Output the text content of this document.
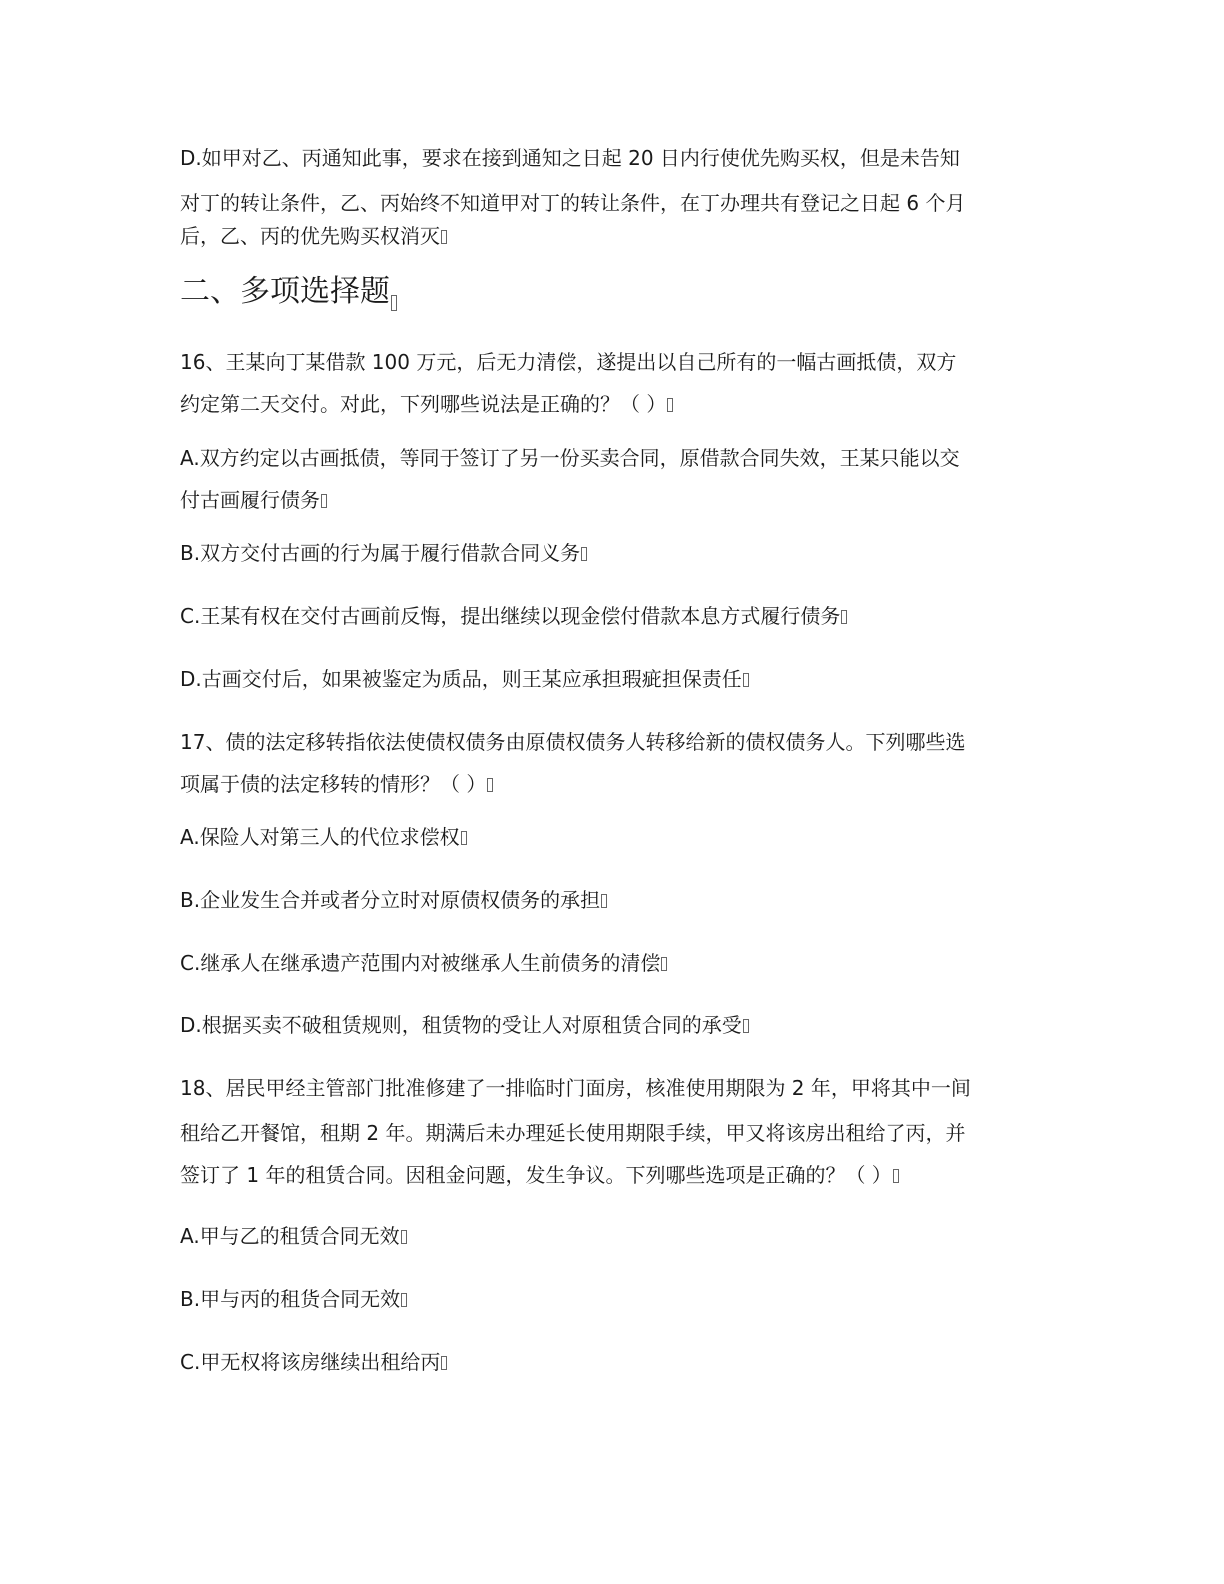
D.如甲对乙、丙通知此事，要求在接到通知之日起 20 日内行使优先购买权，但是未告知
对丁的转让条件，乙、丙始终不知道甲对丁的转让条件，在丁办理共有登记之日起 6 个月
后，乙、丙的优先购买权消灭
二、多项选择题
16、王某向丁某借款 100 万元，后无力清偿，遂提出以自己所有的一幅古画抵债，双方
约定第二天交付。对此，下列哪些说法是正确的？（ ）
A.双方约定以古画抵债，等同于签订了另一份买卖合同，原借款合同失效，王某只能以交
付古画履行债务
B.双方交付古画的行为属于履行借款合同义务
C.王某有权在交付古画前反悔，提出继续以现金偿付借款本息方式履行债务
D.古画交付后，如果被鉴定为质品，则王某应承担瑕疵担保责任
17、债的法定移转指依法使债权债务由原债权债务人转移给新的债权债务人。下列哪些选
项属于债的法定移转的情形？（ ）
A.保险人对第三人的代位求偿权
B.企业发生合并或者分立时对原债权债务的承担
C.继承人在继承遗产范围内对被继承人生前债务的清偿
D.根据买卖不破租赁规则，租赁物的受让人对原租赁合同的承受
18、居民甲经主管部门批准修建了一排临时门面房，核准使用期限为 2 年，甲将其中一间
租给乙开餐馆，租期 2 年。期满后未办理延长使用期限手续，甲又将该房出租给了丙，并
签订了 1 年的租赁合同。因租金问题，发生争议。下列哪些选项是正确的？（ ）
A.甲与乙的租赁合同无效
B.甲与丙的租货合同无效
C.甲无权将该房继续出租给丙
